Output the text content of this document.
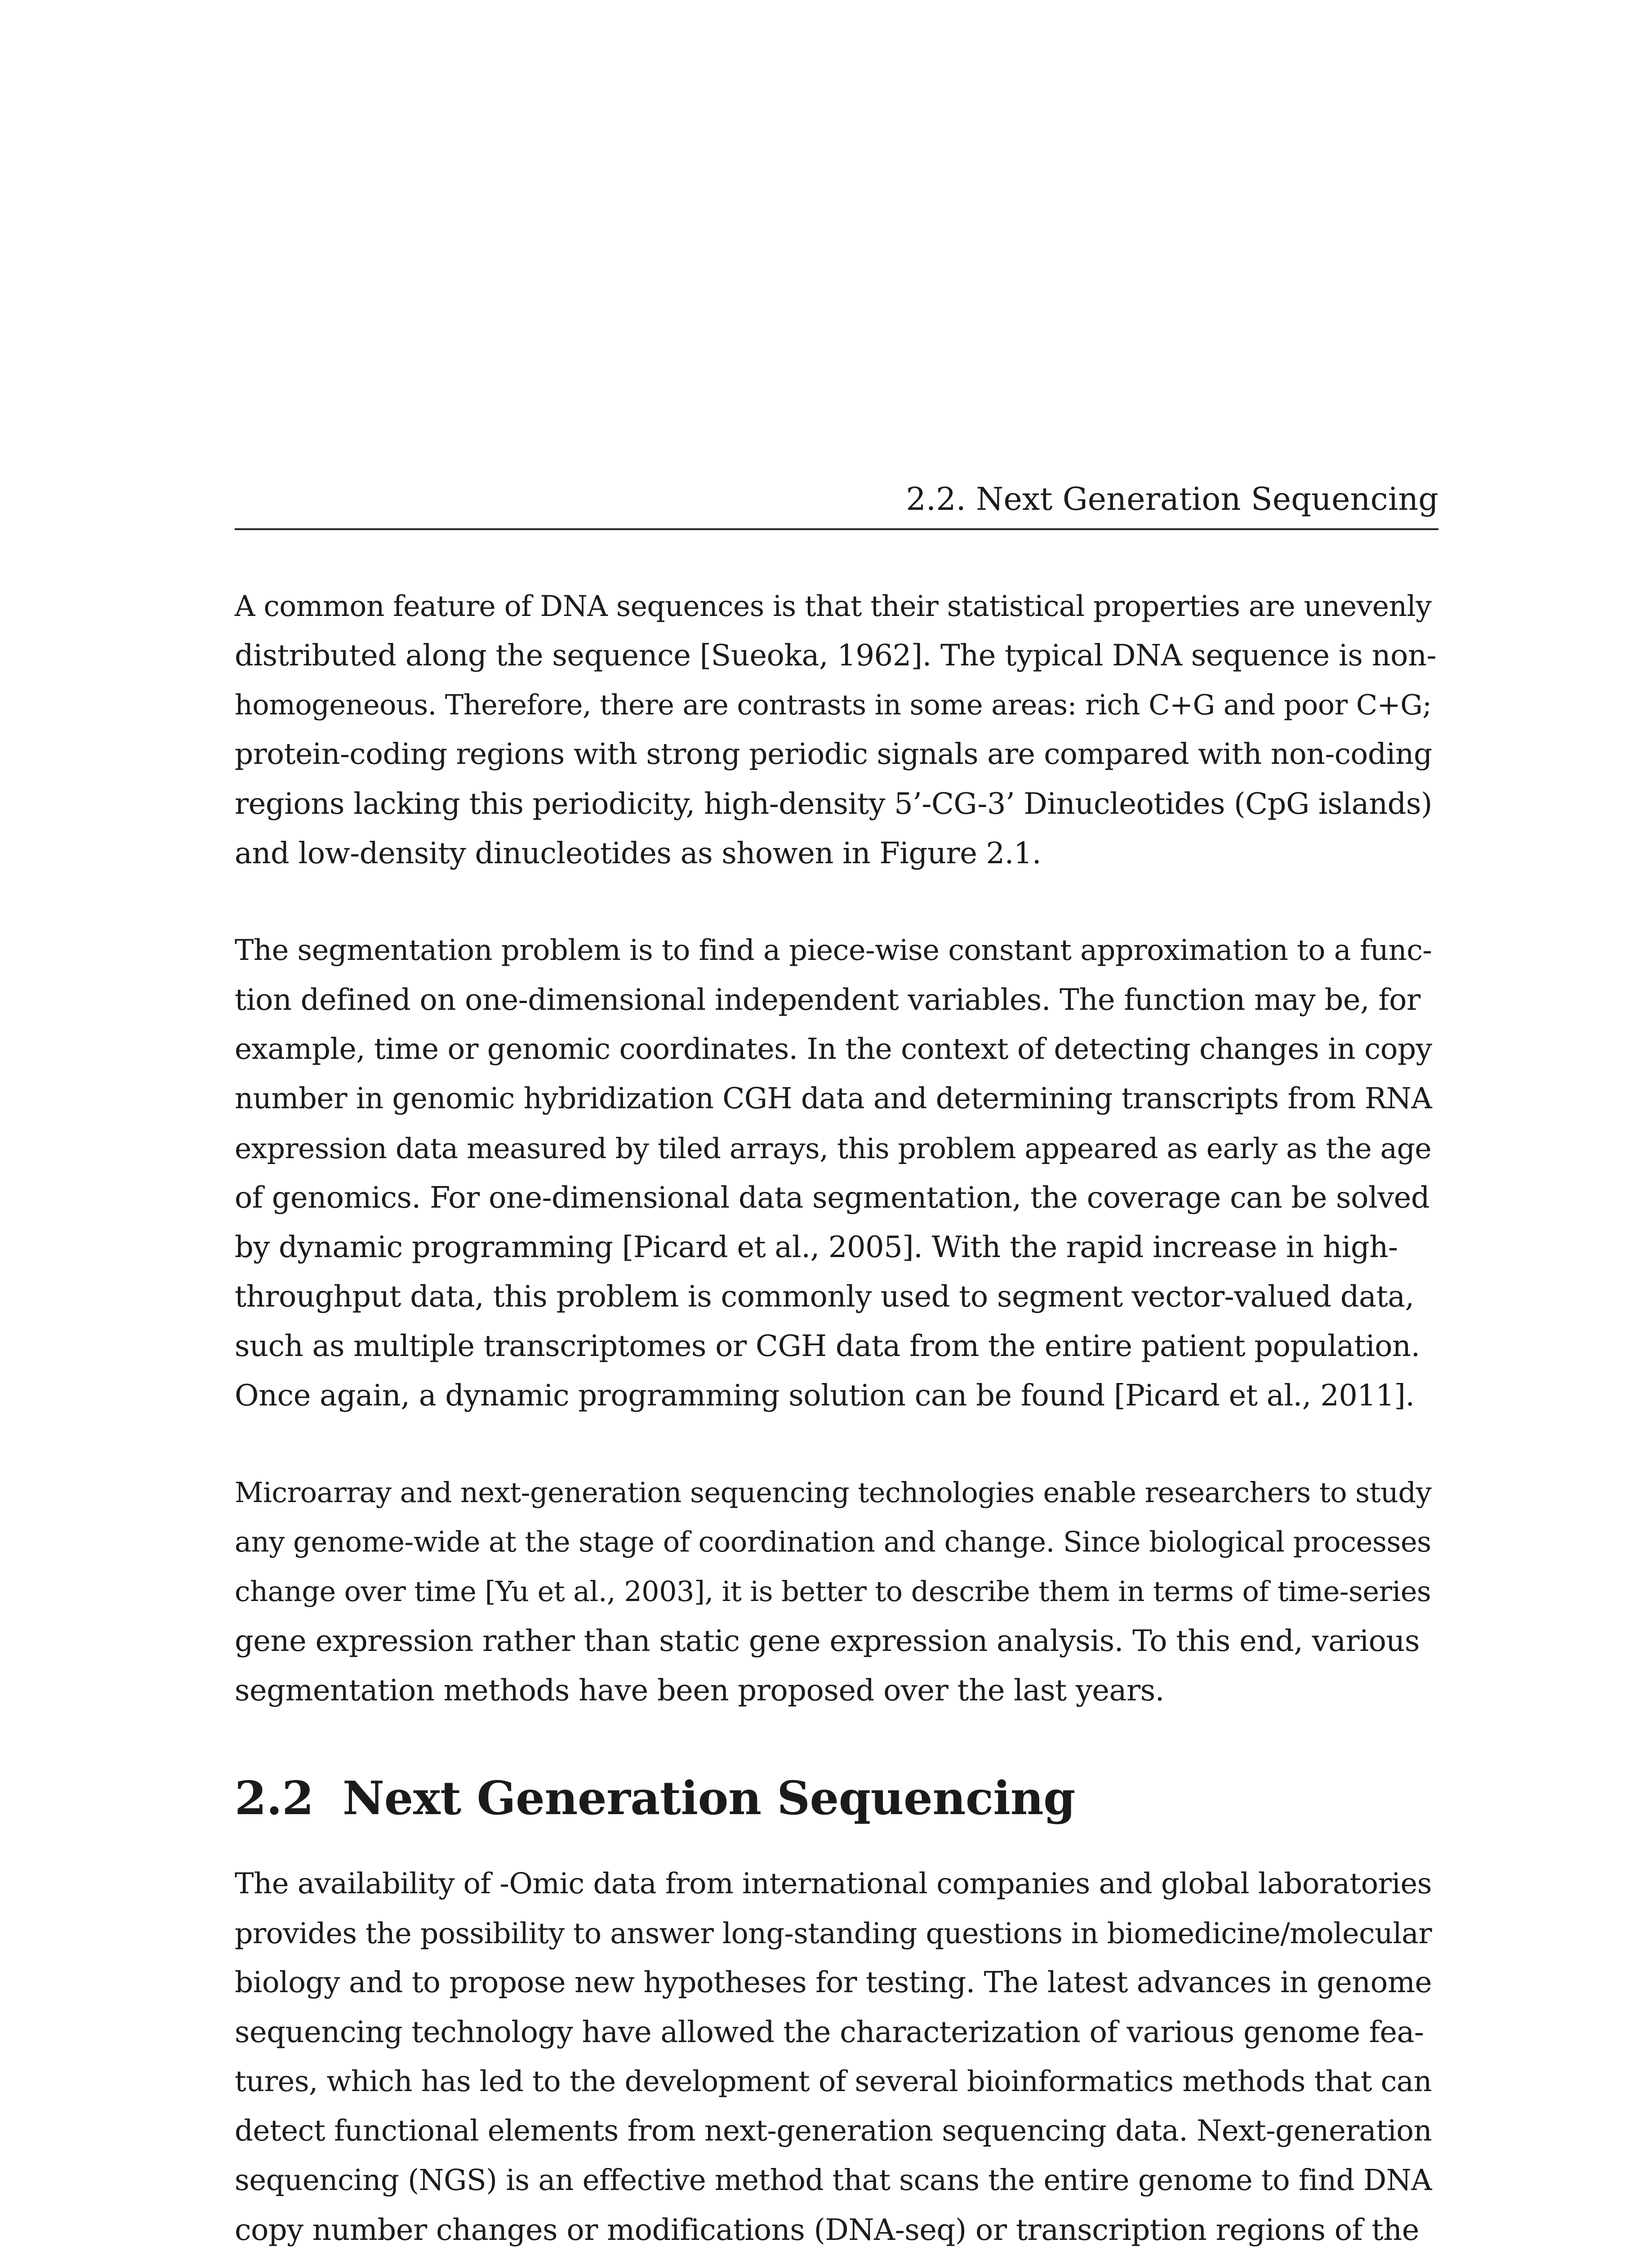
2.2. Next Generation Sequencing

A common feature of DNA sequences is that their statistical properties are unevenly
distributed along the sequence [Sueoka, 1962]. The typical DNA sequence is non-
homogeneous. Therefore, there are contrasts in some areas: rich C+G and poor C+G;
protein-coding regions with strong periodic signals are compared with non-coding
regions lacking this periodicity, high-density 5’-CG-3’ Dinucleotides (CpG islands)
and low-density dinucleotides as showen in Figure 2.1.

The segmentation problem is to find a piece-wise constant approximation to a func-
tion defined on one-dimensional independent variables. The function may be, for
example, time or genomic coordinates. In the context of detecting changes in copy
number in genomic hybridization CGH data and determining transcripts from RNA
expression data measured by tiled arrays, this problem appeared as early as the age
of genomics. For one-dimensional data segmentation, the coverage can be solved
by dynamic programming [Picard et al., 2005]. With the rapid increase in high-
throughput data, this problem is commonly used to segment vector-valued data,
such as multiple transcriptomes or CGH data from the entire patient population.
Once again, a dynamic programming solution can be found [Picard et al., 2011].

Microarray and next-generation sequencing technologies enable researchers to study
any genome-wide at the stage of coordination and change. Since biological processes
change over time [Yu et al., 2003], it is better to describe them in terms of time-series
gene expression rather than static gene expression analysis. To this end, various
segmentation methods have been proposed over the last years.

2.2 Next Generation Sequencing

The availability of -Omic data from international companies and global laboratories
provides the possibility to answer long-standing questions in biomedicine/molecular
biology and to propose new hypotheses for testing. The latest advances in genome
sequencing technology have allowed the characterization of various genome fea-
tures, which has led to the development of several bioinformatics methods that can
detect functional elements from next-generation sequencing data. Next-generation
sequencing (NGS) is an effective method that scans the entire genome to find DNA
copy number changes or modifications (DNA-seq) or transcription regions of the
